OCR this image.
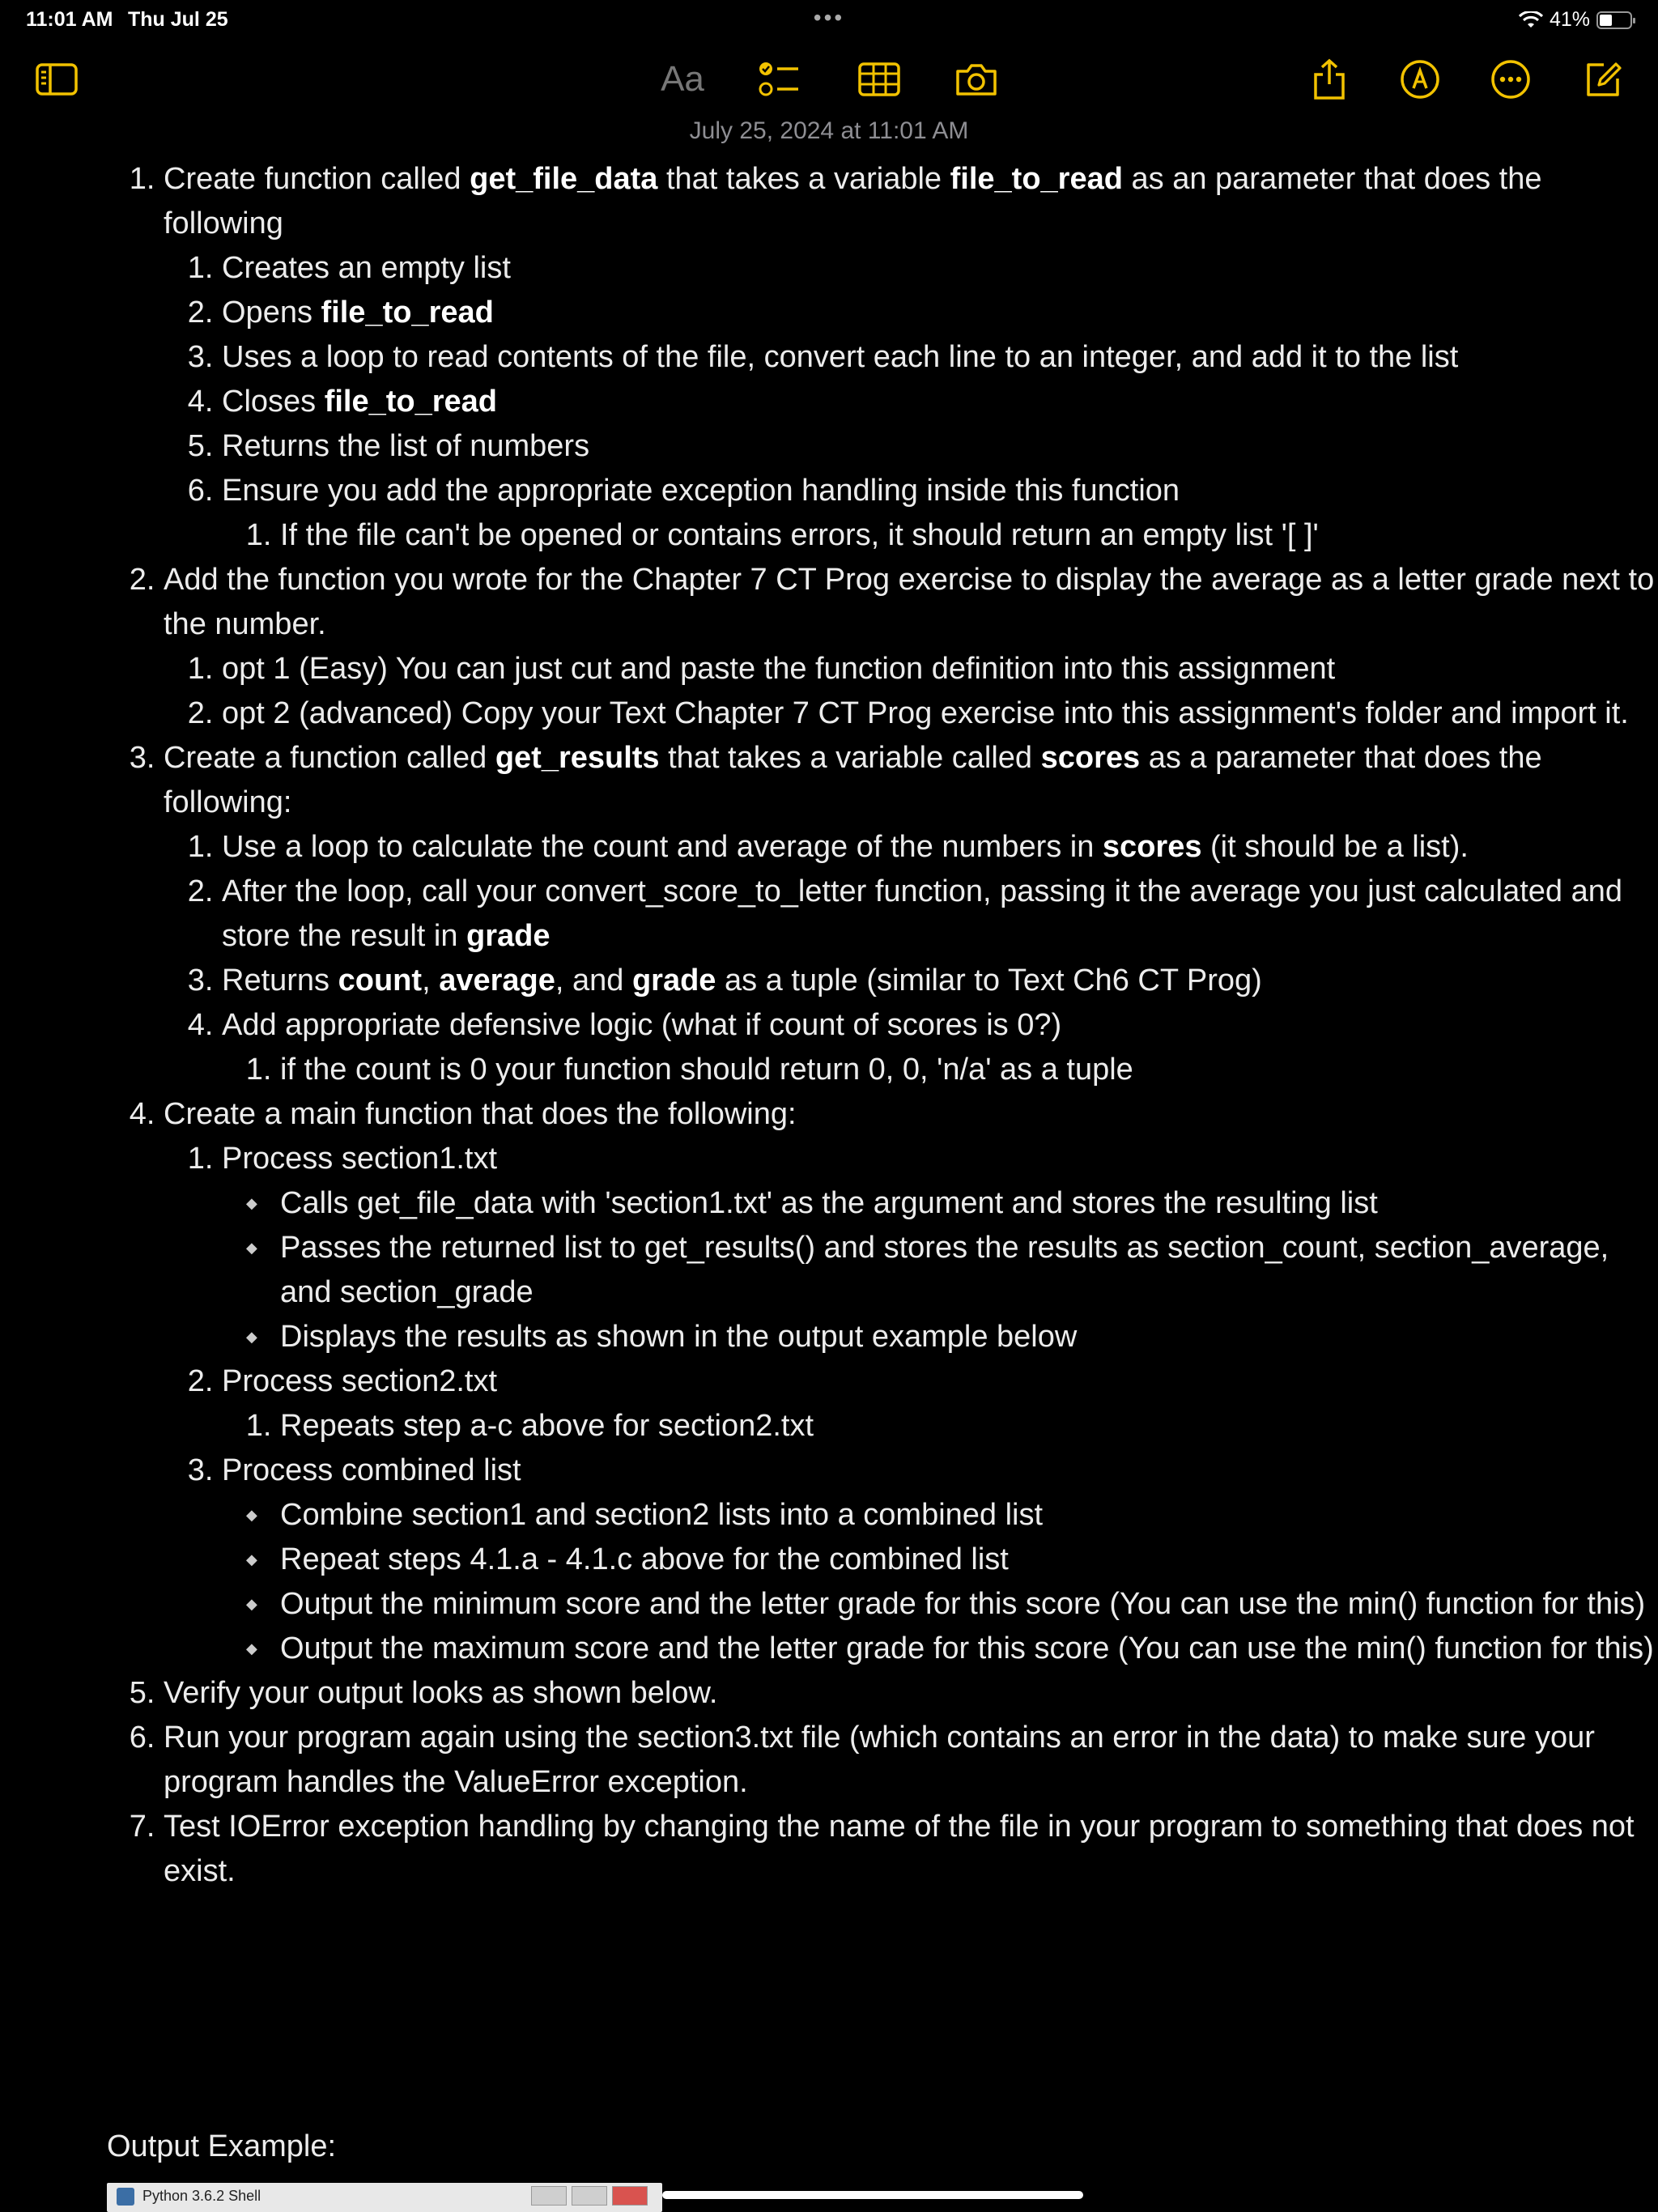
11:01 AM Thu Jul 25	•••	41%
Aa
July 25, 2024 at 11:01 AM
1. Create function called get_file_data that takes a variable file_to_read as an parameter that does the following
1. Creates an empty list
2. Opens file_to_read
3. Uses a loop to read contents of the file, convert each line to an integer, and add it to the list
4. Closes file_to_read
5. Returns the list of numbers
6. Ensure you add the appropriate exception handling inside this function
1. If the file can't be opened or contains errors, it should return an empty list '[ ]'
2. Add the function you wrote for the Chapter 7 CT Prog exercise to display the average as a letter grade next to the number.
1. opt 1 (Easy) You can just cut and paste the function definition into this assignment
2. opt 2 (advanced) Copy your Text Chapter 7 CT Prog exercise into this assignment's folder and import it.
3. Create a function called get_results that takes a variable called scores as a parameter that does the following:
1. Use a loop to calculate the count and average of the numbers in scores (it should be a list).
2. After the loop, call your convert_score_to_letter function, passing it the average you just calculated and store the result in grade
3. Returns count, average, and grade as a tuple (similar to Text Ch6 CT Prog)
4. Add appropriate defensive logic (what if count of scores is 0?)
1. if the count is 0 your function should return 0, 0, 'n/a' as a tuple
4. Create a main function that does the following:
1. Process section1.txt
◆ Calls get_file_data with 'section1.txt' as the argument and stores the resulting list
◆ Passes the returned list to get_results() and stores the results as section_count, section_average, and section_grade
◆ Displays the results as shown in the output example below
2. Process section2.txt
1. Repeats step a-c above for section2.txt
3. Process combined list
◆ Combine section1 and section2 lists into a combined list
◆ Repeat steps 4.1.a - 4.1.c above for the combined list
◆ Output the minimum score and the letter grade for this score (You can use the min() function for this)
◆ Output the maximum score and the letter grade for this score (You can use the min() function for this)
5. Verify your output looks as shown below.
6. Run your program again using the section3.txt file (which contains an error in the data) to make sure your program handles the ValueError exception.
7. Test IOError exception handling by changing the name of the file in your program to something that does not exist.
Output Example:
Python 3.6.2 Shell
